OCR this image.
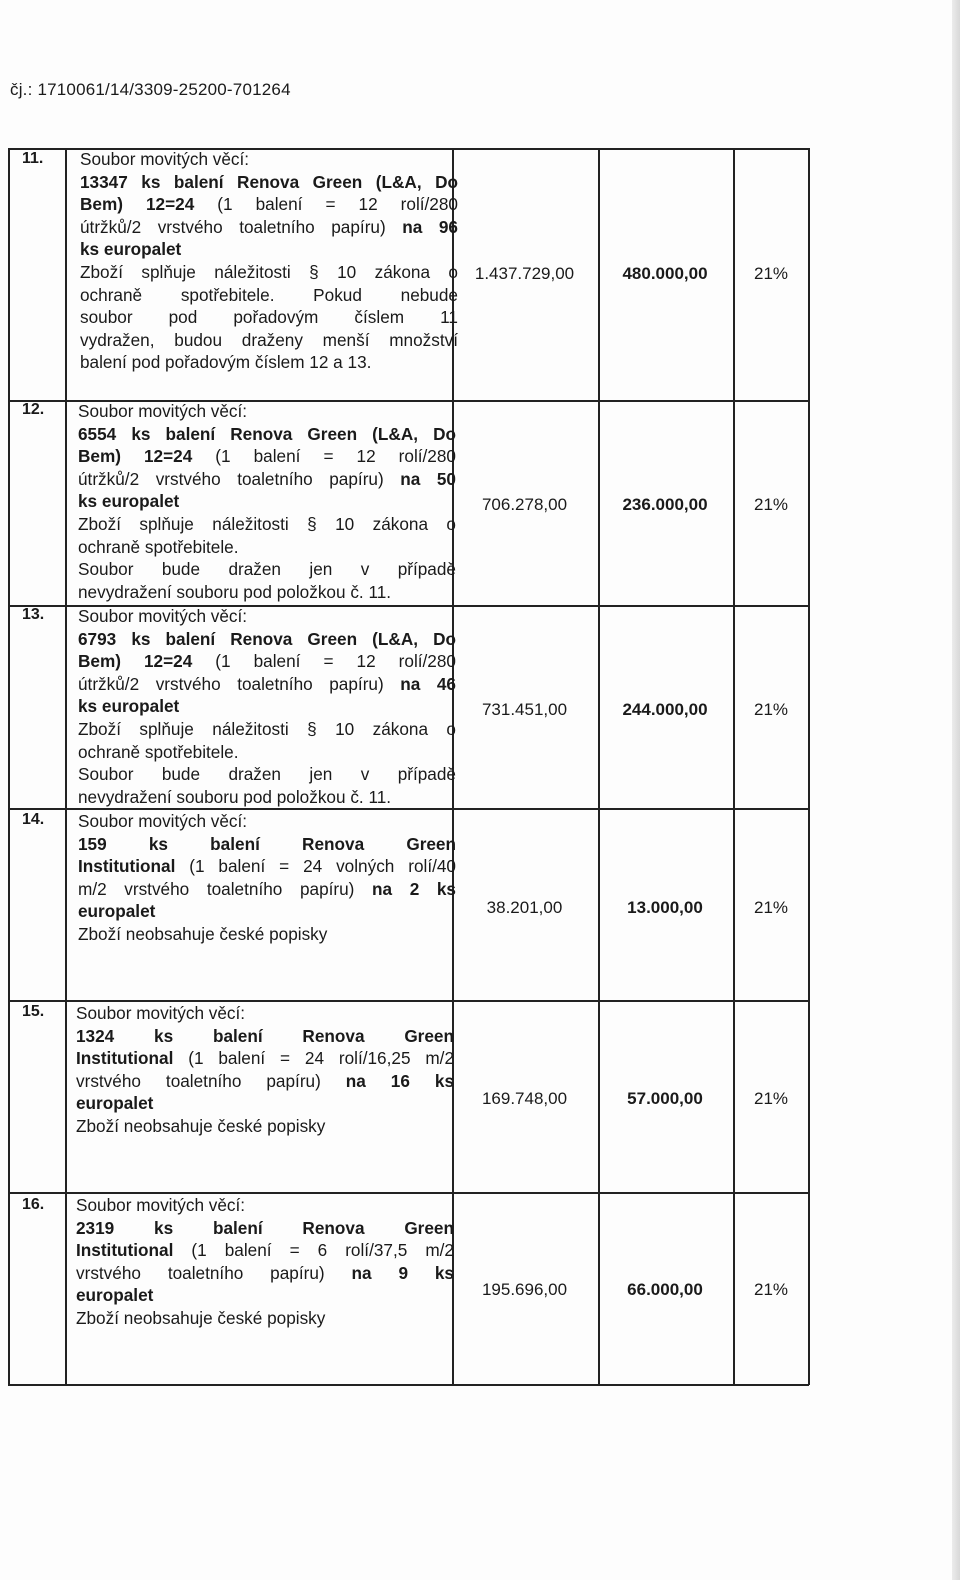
čj.: 1710061/14/3309-25200-701264
11. Soubor movitých věcí:
13347 ks balení Renova Green (L&A, Do
Bem) 12=24 (1 balení = 12 rolí/280
útržků/2 vrstvého toaletního papíru) na 96
ks europalet
Zboží splňuje náležitosti § 10 zákona o
ochraně spotřebitele. Pokud nebude
soubor pod pořadovým číslem 11
vydražen, budou draženy menší množství
balení pod pořadovým číslem 12 a 13.
1.437.729,00	480.000,00	21%
12. Soubor movitých věcí:
6554 ks balení Renova Green (L&A, Do
Bem) 12=24 (1 balení = 12 rolí/280
útržků/2 vrstvého toaletního papíru) na 50
ks europalet
Zboží splňuje náležitosti § 10 zákona o
ochraně spotřebitele.
Soubor bude dražen jen v případě
nevydražení souboru pod položkou č. 11.
706.278,00	236.000,00	21%
13. Soubor movitých věcí:
6793 ks balení Renova Green (L&A, Do
Bem) 12=24 (1 balení = 12 rolí/280
útržků/2 vrstvého toaletního papíru) na 46
ks europalet
Zboží splňuje náležitosti § 10 zákona o
ochraně spotřebitele.
Soubor bude dražen jen v případě
nevydražení souboru pod položkou č. 11.
731.451,00	244.000,00	21%
14. Soubor movitých věcí:
159 ks balení Renova Green
Institutional (1 balení = 24 volných rolí/40
m/2 vrstvého toaletního papíru) na 2 ks
europalet
Zboží neobsahuje české popisky
38.201,00	13.000,00	21%
15. Soubor movitých věcí:
1324 ks balení Renova Green
Institutional (1 balení = 24 rolí/16,25 m/2
vrstvého toaletního papíru) na 16 ks
europalet
Zboží neobsahuje české popisky
169.748,00	57.000,00	21%
16. Soubor movitých věcí:
2319 ks balení Renova Green
Institutional (1 balení = 6 rolí/37,5 m/2
vrstvého toaletního papíru) na 9 ks
europalet
Zboží neobsahuje české popisky
195.696,00	66.000,00	21%
